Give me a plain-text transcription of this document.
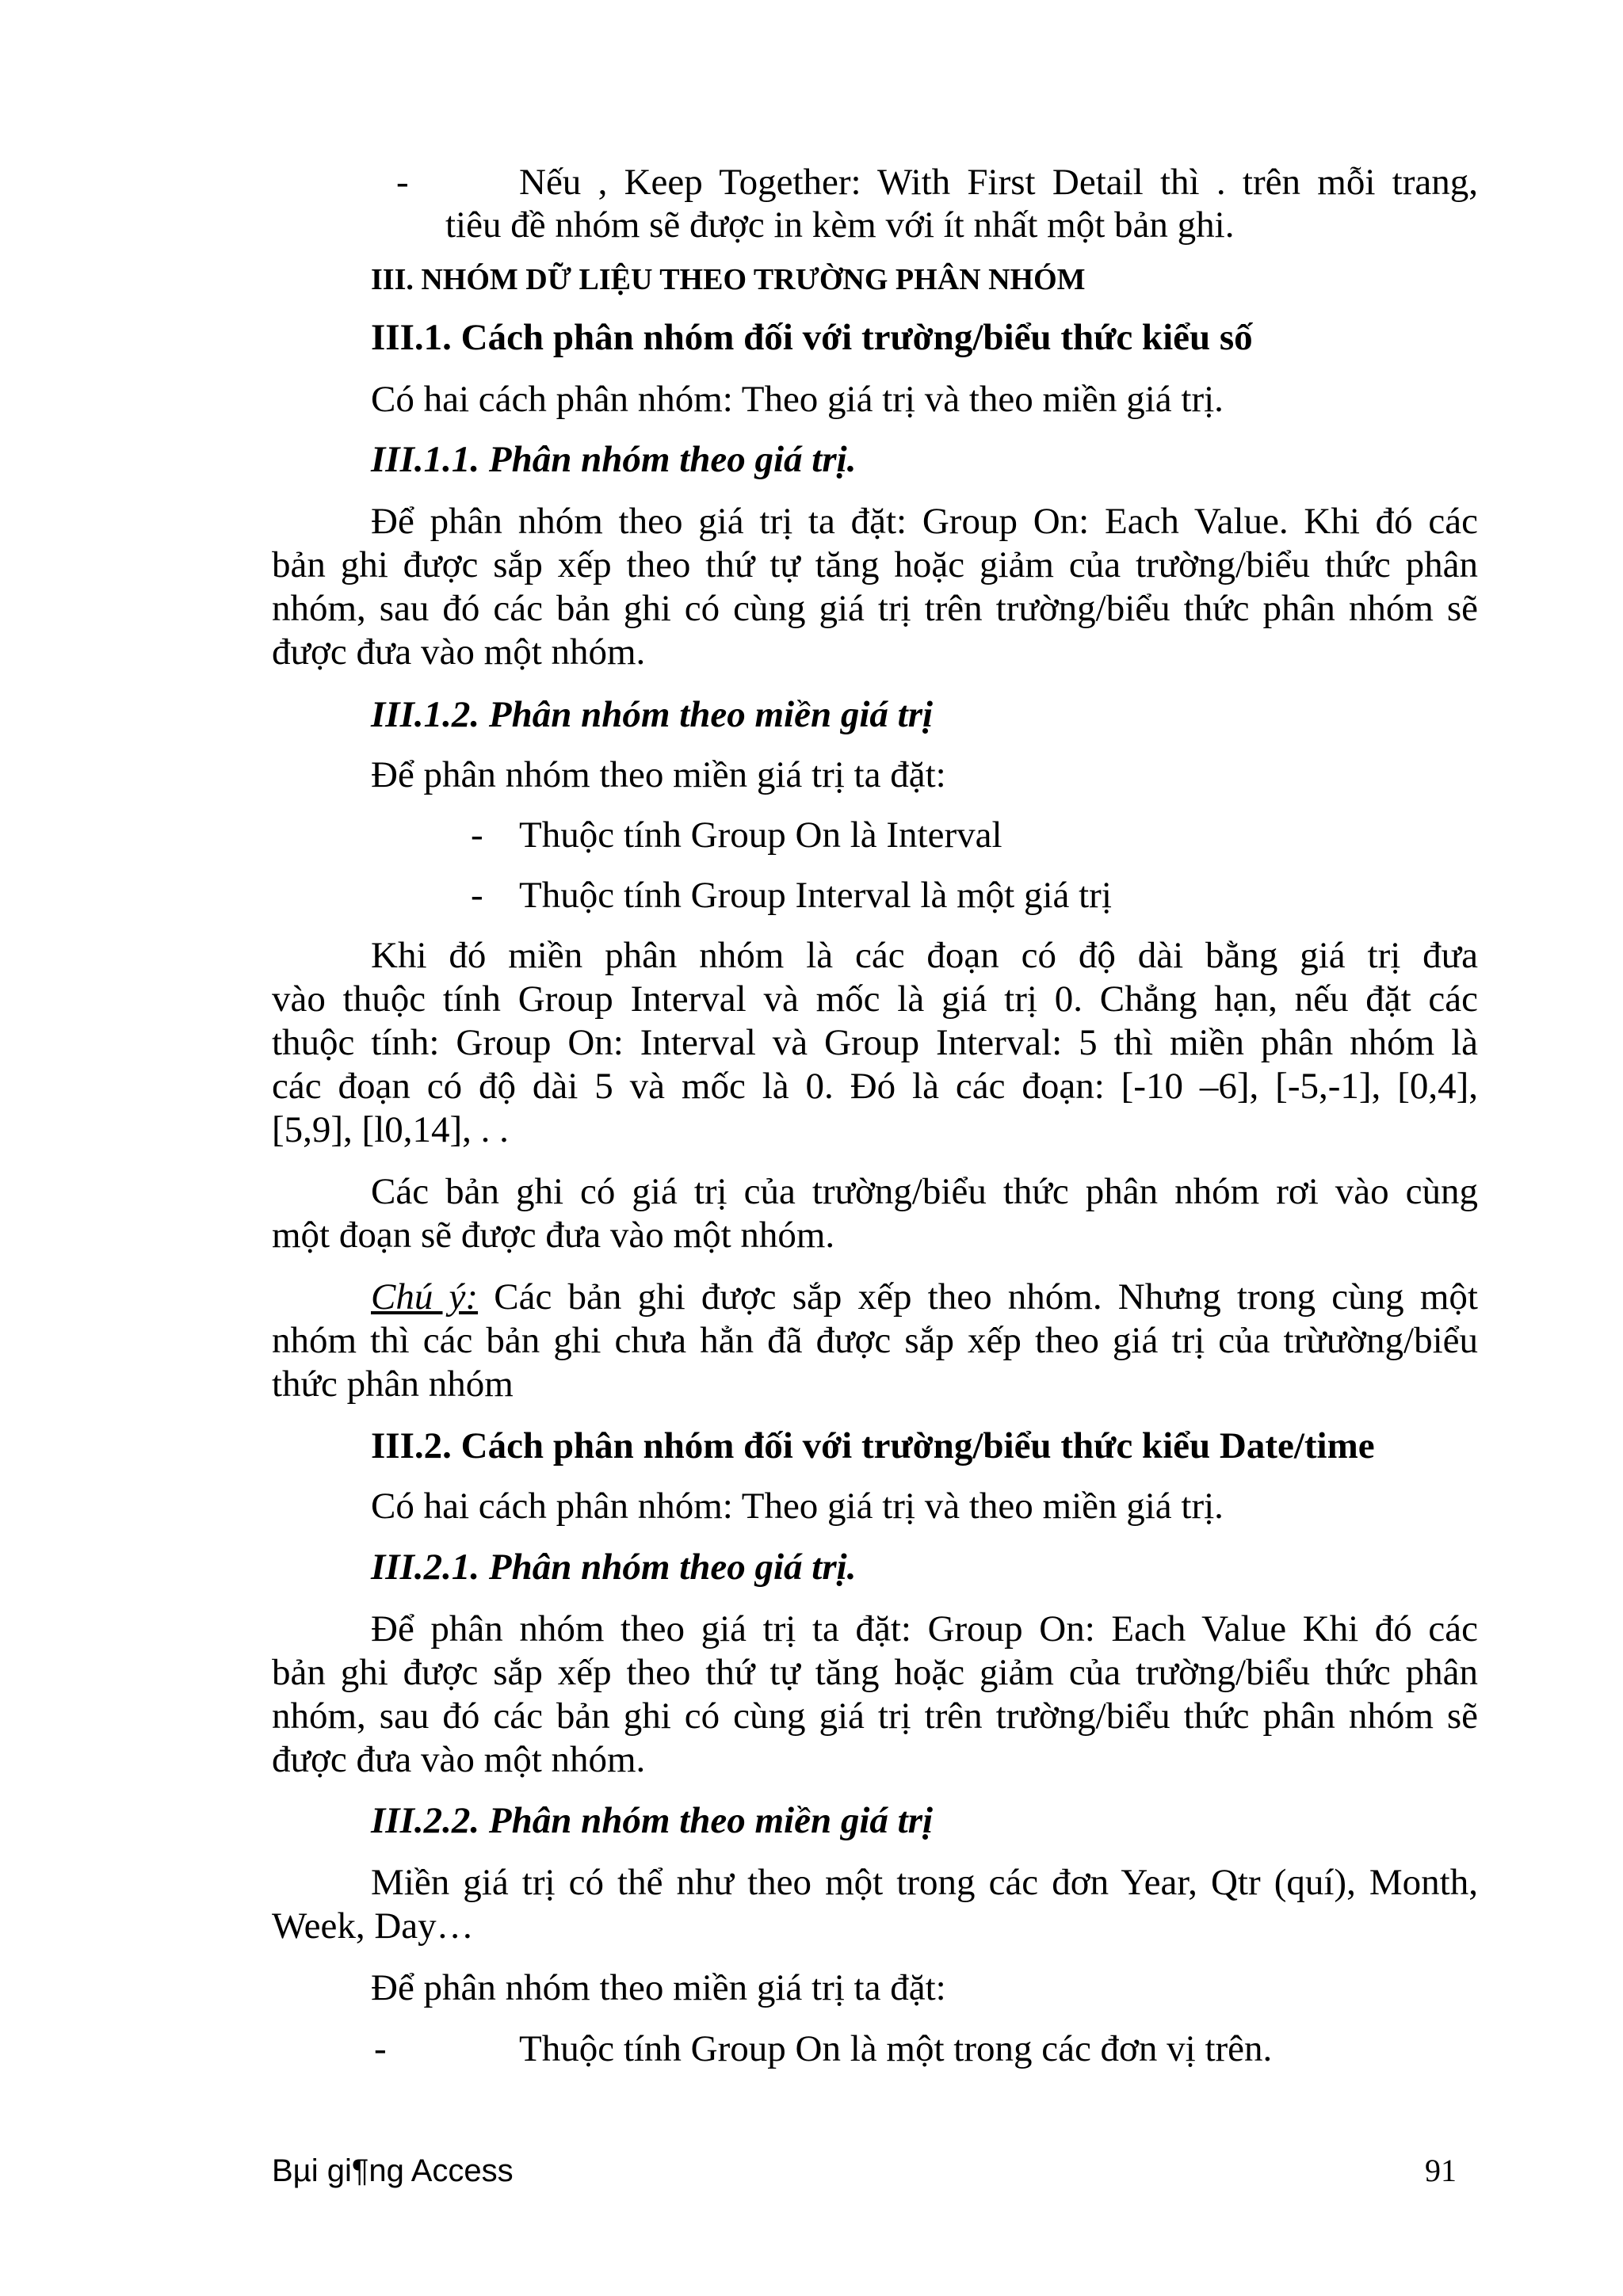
-	Nếu , Keep Together: With First Detail thì . trên mỗi trang,
tiêu đề nhóm sẽ được in kèm với ít nhất một bản ghi.
III. NHÓM DỮ LIỆU THEO TRƯỜNG PHÂN NHÓM
III.1. Cách phân nhóm đối với trường/biểu thức kiểu số
Có hai cách phân nhóm: Theo giá trị và theo miền giá trị.
III.1.1. Phân nhóm theo giá trị.
Để phân nhóm theo giá trị ta đặt: Group On: Each Value. Khi đó các
bản ghi được sắp xếp theo thứ tự tăng hoặc giảm của trường/biểu thức phân
nhóm, sau đó các bản ghi có cùng giá trị trên trường/biểu thức phân nhóm sẽ
được đưa vào một nhóm.
III.1.2. Phân nhóm theo miền giá trị
Để phân nhóm theo miền giá trị ta đặt:
- Thuộc tính Group On là Interval
- Thuộc tính Group Interval là một giá trị
Khi đó miền phân nhóm là các đoạn có độ dài bằng giá trị đưa
vào thuộc tính Group Interval và mốc là giá trị 0. Chẳng hạn, nếu đặt các
thuộc tính: Group On: Interval và Group Interval: 5 thì miền phân nhóm là
các đoạn có độ dài 5 và mốc là 0. Đó là các đoạn: [-10 –6], [-5,-1], [0,4],
[5,9], [l0,14], . .
Các bản ghi có giá trị của trường/biểu thức phân nhóm rơi vào cùng
một đoạn sẽ được đưa vào một nhóm.
Chú ý: Các bản ghi được sắp xếp theo nhóm. Nhưng trong cùng một
nhóm thì các bản ghi chưa hẳn đã được sắp xếp theo giá trị của trừường/biểu
thức phân nhóm
III.2. Cách phân nhóm đối với trường/biểu thức kiểu Date/time
Có hai cách phân nhóm: Theo giá trị và theo miền giá trị.
III.2.1. Phân nhóm theo giá trị.
Để phân nhóm theo giá trị ta đặt: Group On: Each Value Khi đó các
bản ghi được sắp xếp theo thứ tự tăng hoặc giảm của trường/biểu thức phân
nhóm, sau đó các bản ghi có cùng giá trị trên trường/biểu thức phân nhóm sẽ
được đưa vào một nhóm.
III.2.2. Phân nhóm theo miền giá trị
Miền giá trị có thể như theo một trong các đơn Year, Qtr (quí), Month,
Week, Day…
Để phân nhóm theo miền giá trị ta đặt:
-	Thuộc tính Group On là một trong các đơn vị trên.
Bµi gi¶ng Access	91
